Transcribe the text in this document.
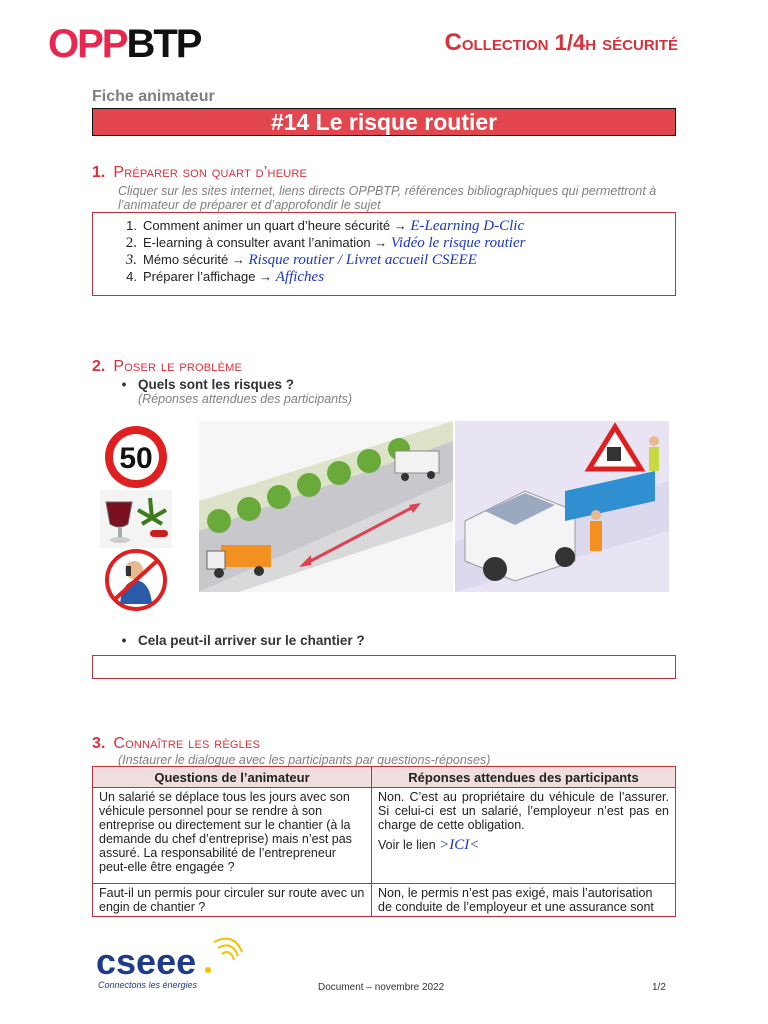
OPPBTP	Collection 1/4h sécurité
Fiche animateur
#14 Le risque routier
1. Préparer son quart d’heure
Cliquer sur les sites internet, liens directs OPPBTP, références bibliographiques qui permettront à l’animateur de préparer et d’approfondir le sujet
1. Comment animer un quart d’heure sécurité → E-Learning D-Clic
2. E-learning à consulter avant l’animation → Vidéo le risque routier
3. Mémo sécurité → Risque routier / Livret accueil CSEEE
4. Préparer l’affichage → Affiches
2. Poser le problème
• Quels sont les risques ?
(Réponses attendues des participants)
50
• Cela peut-il arriver sur le chantier ?
3. Connaître les règles
(Instaurer le dialogue avec les participants par questions-réponses)
Questions de l’animateur	Réponses attendues des participants
Un salarié se déplace tous les jours avec son véhicule personnel pour se rendre à son entreprise ou directement sur le chantier (à la demande du chef d’entreprise) mais n’est pas assuré. La responsabilité de l’entrepreneur peut-elle être engagée ?	Non. C’est au propriétaire du véhicule de l’assurer. Si celui-ci est un salarié, l’employeur n’est pas en charge de cette obligation.
Voir le lien >ICI<

Faut-il un permis pour circuler sur route avec un engin de chantier ?	Non, le permis n’est pas exigé, mais l’autorisation de conduite de l’employeur et une assurance sont
cseee
Connectons les énergies	Document – novembre 2022	1/2
